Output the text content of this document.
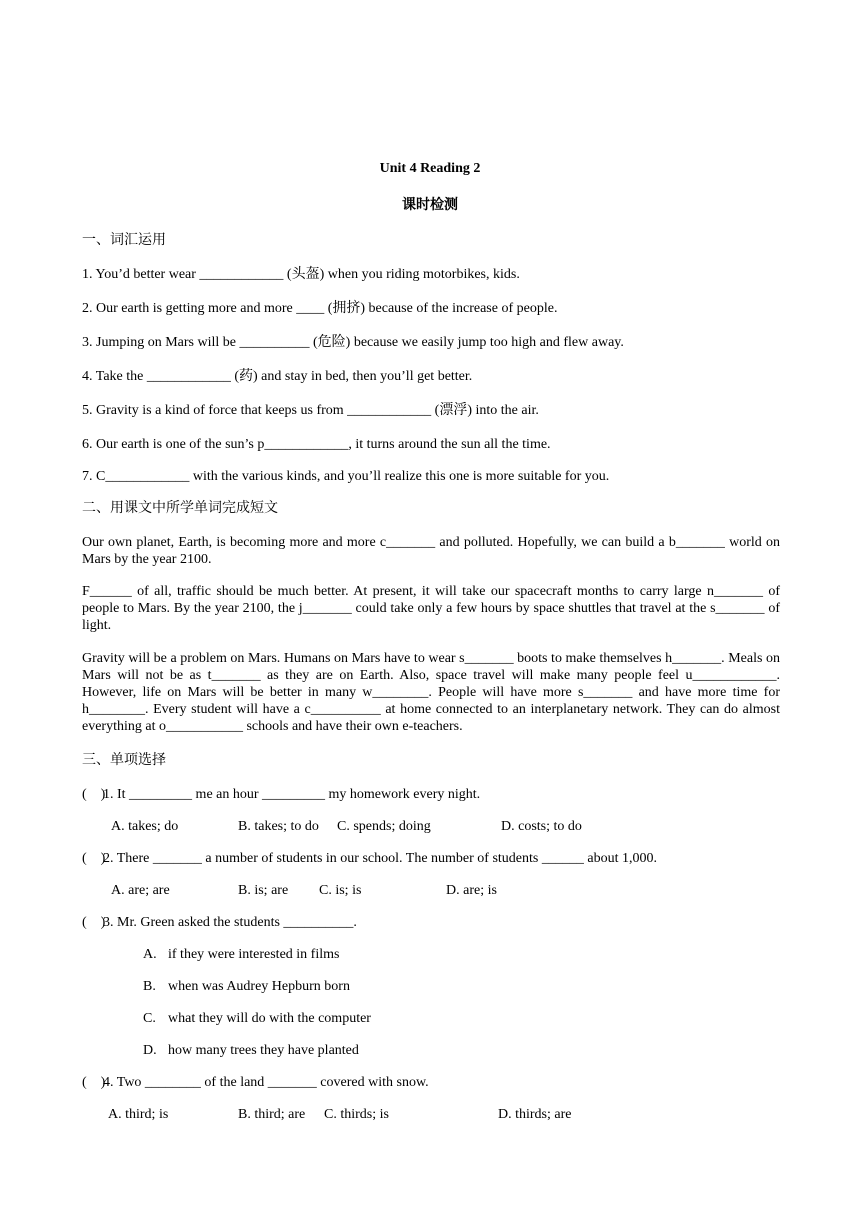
Unit 4 Reading 2
课时检测
一、词汇运用
1. You’d better wear ____________ (头盔) when you riding motorbikes, kids.
2. Our earth is getting more and more ____ (拥挤) because of the increase of people.
3. Jumping on Mars will be __________ (危险) because we easily jump too high and flew away.
4. Take the ____________ (药) and stay in bed, then you’ll get better.
5. Gravity is a kind of force that keeps us from ____________ (漂浮) into the air.
6. Our earth is one of the sun’s p____________, it turns around the sun all the time.
7. C____________ with the various kinds, and you’ll realize this one is more suitable for you.
二、用课文中所学单词完成短文
Our own planet, Earth, is becoming more and more c_______ and polluted. Hopefully, we can build a b_______ world on Mars by the year 2100.
F______ of all, traffic should be much better. At present, it will take our spacecraft months to carry large n_______ of people to Mars. By the year 2100, the j_______ could take only a few hours by space shuttles that travel at the s_______ of light.
Gravity will be a problem on Mars. Humans on Mars have to wear s_______ boots to make themselves h_______. Meals on Mars will not be as t_______ as they are on Earth. Also, space travel will make many people feel u____________. However, life on Mars will be better in many w________. People will have more s_______ and have more time for h________. Every student will have a c__________ at home connected to an interplanetary network. They can do almost everything at o___________ schools and have their own e-teachers.
三、单项选择
(    )
1. It _________ me an hour _________ my homework every night.
A. takes; do	B. takes; to do C. spends; doing	D. costs; to do
(    )
2. There _______ a number of students in our school. The number of students ______ about 1,000.
A. are; are	B. is; are C. is; is	D. are; is
(    )
3. Mr. Green asked the students __________.
A. if they were interested in films
B. when was Audrey Hepburn born
C. what they will do with the computer
D. how many trees they have planted
(    )
4. Two ________ of the land _______ covered with snow.
A. third; is	B. third; are C. thirds; is	D. thirds; are
